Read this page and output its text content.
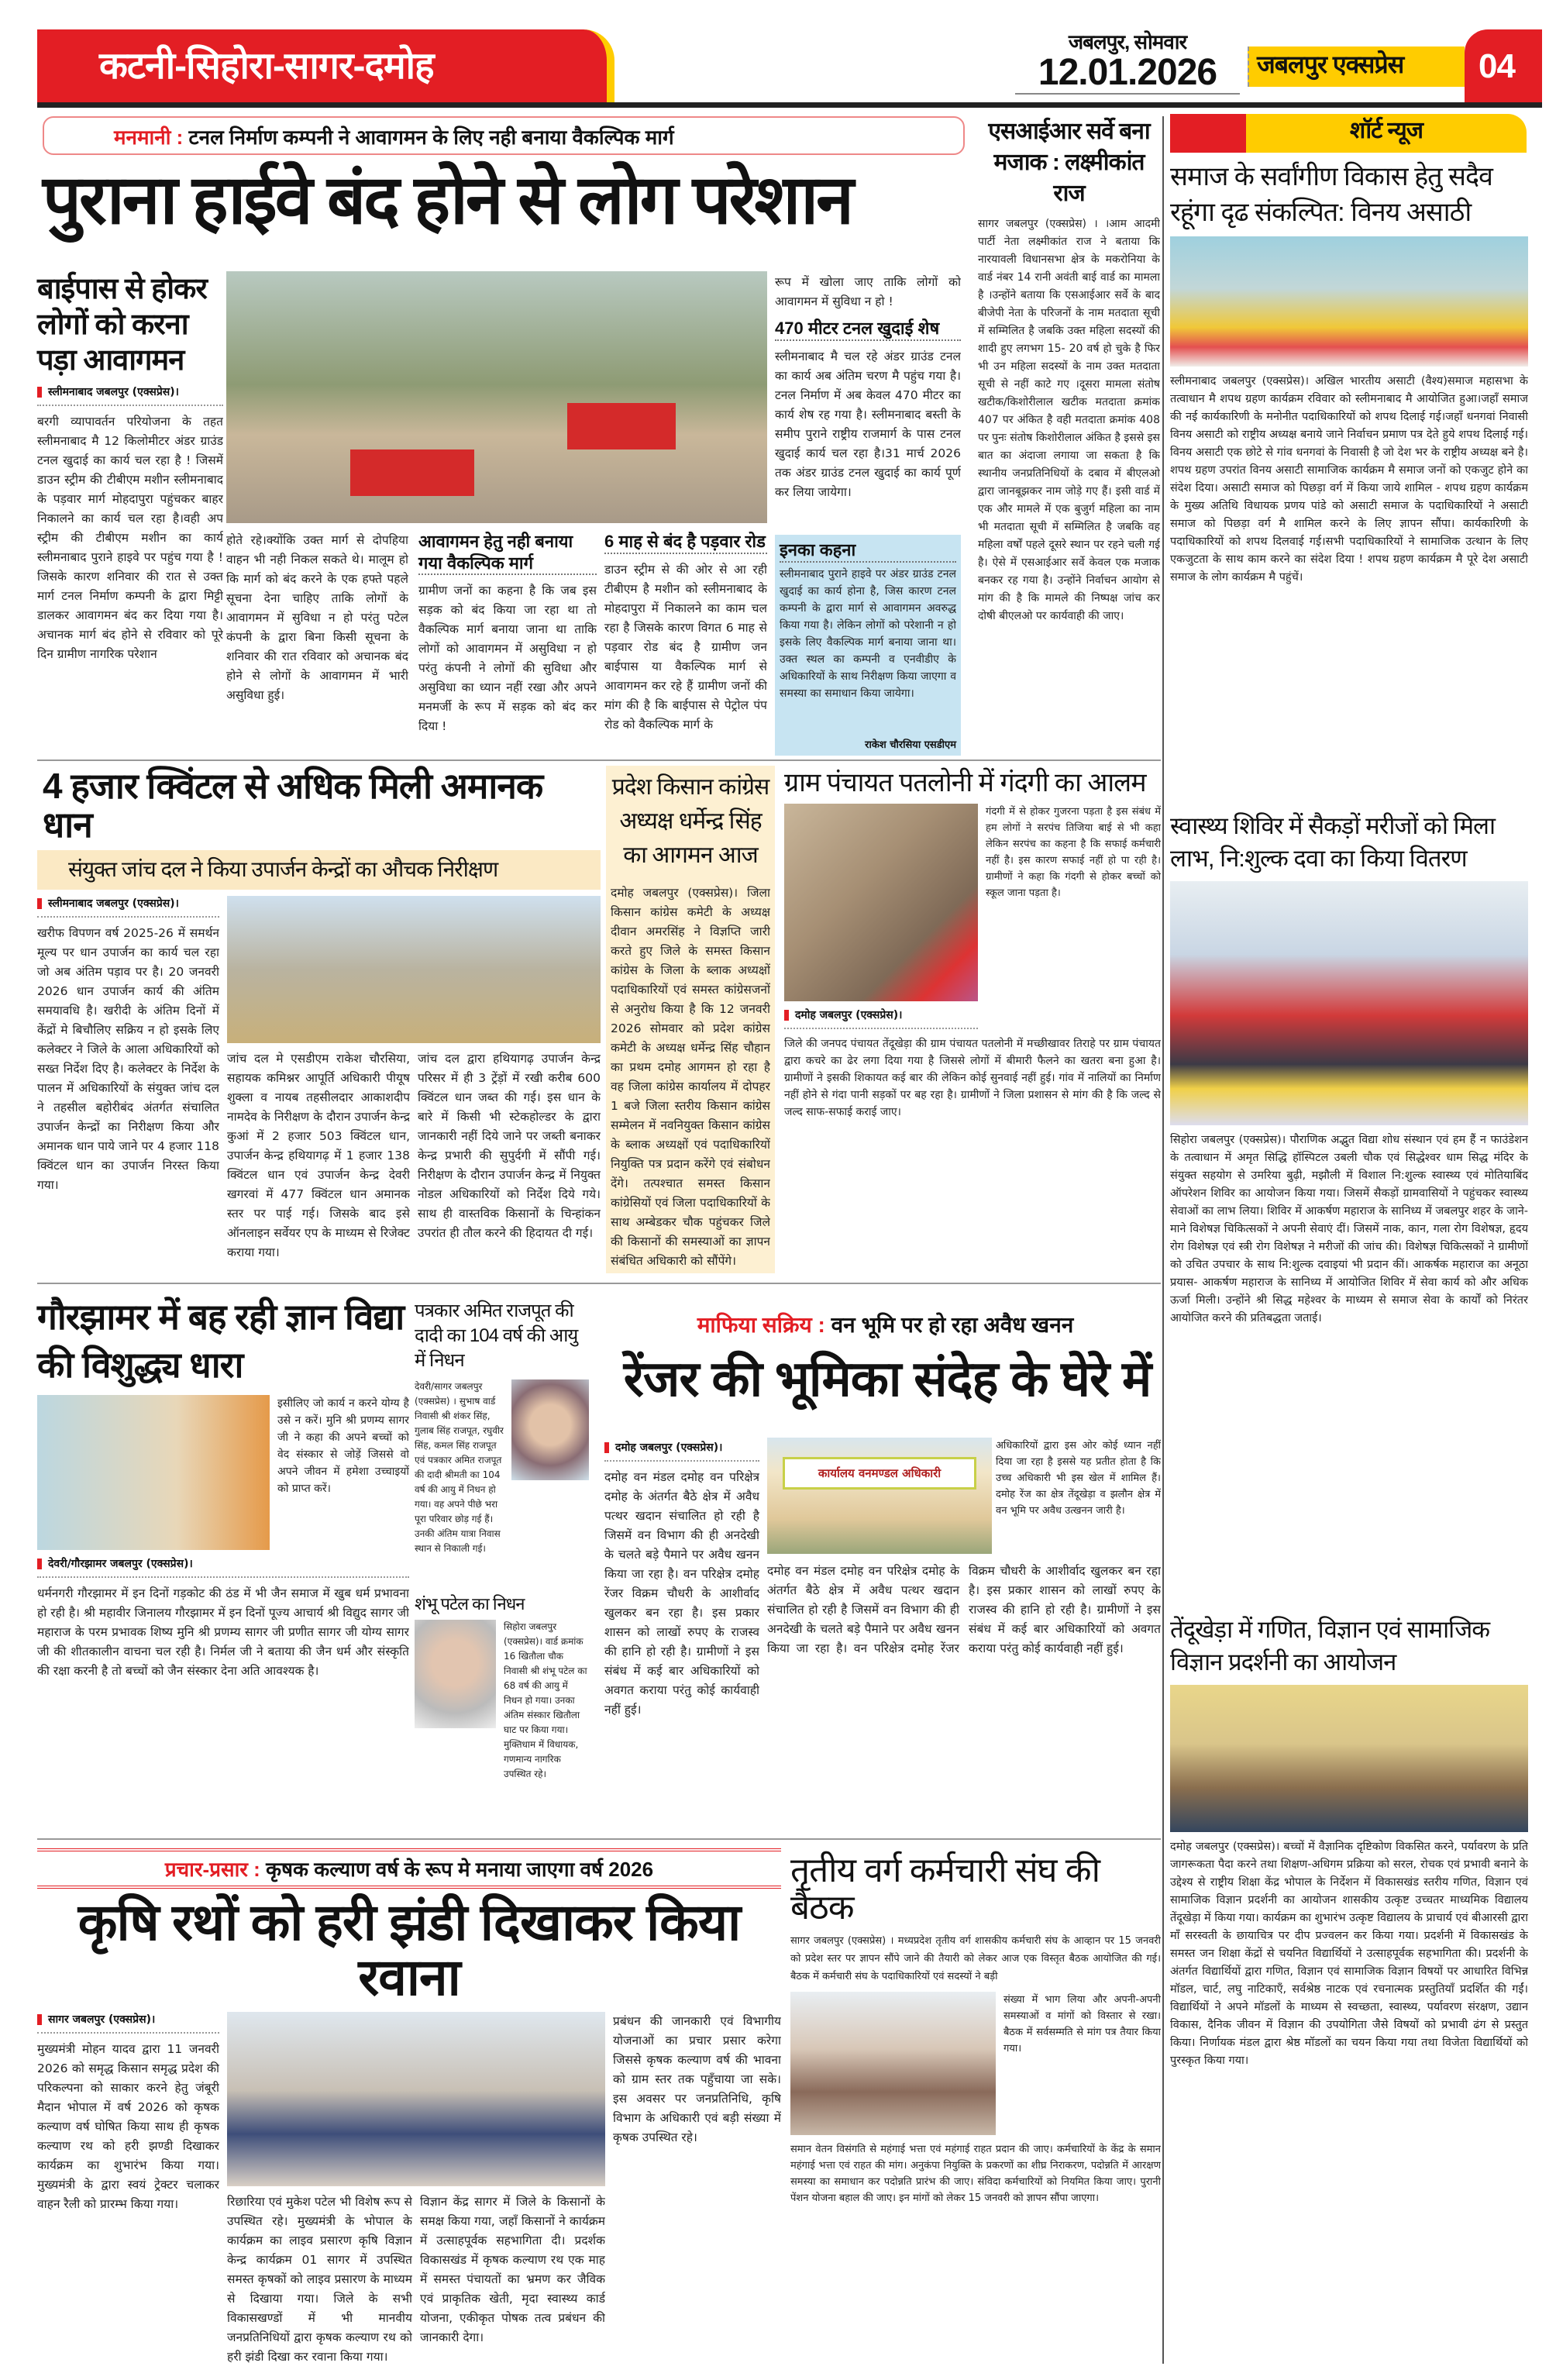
कटनी-सिहोरा-सागर-दमोह
जबलपुर, सोमवार
12.01.2026	जबलपुर एक्सप्रेस	04
मनमानी : टनल निर्माण कम्पनी ने आवागमन के लिए नही बनाया वैकल्पिक मार्ग
पुराना हाईवे बंद होने से लोग परेशान
बाईपास से होकर लोगों को करना पड़ा आवागमन
स्लीमनाबाद जबलपुर (एक्सप्रेस)।
बरगी व्यापावर्तन परियोजना के तहत स्लीमनाबाद मै 12 किलोमीटर अंडर ग्राउंड टनल खुदाई का कार्य चल रहा है ! जिसमें डाउन स्ट्रीम की टीबीएम मशीन स्लीमनाबाद के पड़वार मार्ग मोहदापुरा पहुंचकर बाहर निकालने का कार्य चल रहा है।वही अप स्ट्रीम की टीबीएम मशीन का कार्य स्लीमनाबाद पुराने हाइवे पर पहुंच गया है ! जिसके कारण शनिवार की रात से उक्त मार्ग टनल निर्माण कम्पनी के द्वारा मिट्टी डालकर आवागमन बंद कर दिया गया है। अचानक मार्ग बंद होने से रविवार को पूरे दिन ग्रामीण नागरिक परेशान
होते रहे।क्योंकि उक्त मार्ग से दोपहिया वाहन भी नही निकल सकते थे। मालूम हो कि मार्ग को बंद करने के एक हफ्ते पहले सूचना देना चाहिए ताकि लोगों के आवागमन में सुविधा न हो परंतु पटेल कंपनी के द्वारा बिना किसी सूचना के शनिवार की रात रविवार को अचानक बंद होने से लोगों के आवागमन में भारी असुविधा हुई।
आवागमन हेतु नही बनाया गया वैकल्पिक मार्ग
ग्रामीण जनों का कहना है कि जब इस सड़क को बंद किया जा रहा था तो वैकल्पिक मार्ग बनाया जाना था ताकि लोगों को आवागमन में असुविधा न हो परंतु कंपनी ने लोगों की सुविधा और असुविधा का ध्यान नहीं रखा और अपने मनमर्जी के रूप में सड़क को बंद कर दिया !
6 माह से बंद है पड़वार रोड
डाउन स्ट्रीम से की ओर से आ रही टीबीएम है मशीन को स्लीमनाबाद के मोहदापुरा में निकालने का काम चल रहा है जिसके कारण विगत 6 माह से पड़वार रोड बंद है ग्रामीण जन बाईपास या वैकल्पिक मार्ग से आवागमन कर रहे हैं ग्रामीण जनों की मांग की है कि बाईपास से पेट्रोल पंप रोड को वैकल्पिक मार्ग के
रूप में खोला जाए ताकि लोगों को आवागमन में सुविधा न हो !
470 मीटर टनल खुदाई शेष
स्लीमनाबाद मै चल रहे अंडर ग्राउंड टनल का कार्य अब अंतिम चरण मै पहुंच गया है।टनल निर्माण में अब केवल 470 मीटर का कार्य शेष रह गया है। स्लीमनाबाद बस्ती के समीप पुराने राष्ट्रीय राजमार्ग के पास टनल खुदाई कार्य चल रहा है।31 मार्च 2026 तक अंडर ग्राउंड टनल खुदाई का कार्य पूर्ण कर लिया जायेगा।
इनका कहना
स्लीमनाबाद पुराने हाइवे पर अंडर ग्राउंड टनल खुदाई का कार्य होना है, जिस कारण टनल कम्पनी के द्वारा मार्ग से आवागमन अवरुद्ध किया गया है। लेकिन लोगों को परेशानी न हो इसके लिए वैकल्पिक मार्ग बनाया जाना था। उक्त स्थल का कम्पनी व एनवीडीए के अधिकारियों के साथ निरीक्षण किया जाएगा व समस्या का समाधान किया जायेगा।
राकेश चौरसिया एसडीएम
एसआईआर सर्वे बना मजाक : लक्ष्मीकांत राज
सागर जबलपुर (एक्सप्रेस) । ।आम आदमी पार्टी नेता लक्ष्मीकांत राज ने बताया कि नारयावली विधानसभा क्षेत्र के मकरोनिया के वार्ड नंबर 14 रानी अवंती बाई वार्ड का मामला है ।उन्होंने बताया कि एसआईआर सर्वे के बाद बीजेपी नेता के परिजनों के नाम मतदाता सूची में सम्मिलित है जबकि उक्त महिला सदस्यों की शादी हुए लगभग 15- 20 वर्ष हो चुके है फिर भी उन महिला सदस्यों के नाम उक्त मतदाता सूची से नहीं काटे गए ।दूसरा मामला संतोष खटीक/किशोरीलाल खटीक मतदाता क्रमांक 407 पर अंकित है वही मतदाता क्रमांक 408 पर पुनः संतोष किशोरीलाल अंकित है इससे इस बात का अंदाजा लगाया जा सकता है कि स्थानीय जनप्रतिनिधियों के दबाव में बीएलओ द्वारा जानबूझकर नाम जोड़े गए हैं। इसी वार्ड में एक और मामले में एक बुजुर्ग महिला का नाम भी मतदाता सूची में सम्मिलित है जबकि वह महिला वर्षों पहले दूसरे स्थान पर रहने चली गई है। ऐसे में एसआईआर सर्वे केवल एक मजाक बनकर रह गया है। उन्होंने निर्वाचन आयोग से मांग की है कि मामले की निष्पक्ष जांच कर दोषी बीएलओ पर कार्यवाही की जाए।
4 हजार क्विंटल से अधिक मिली अमानक धान
संयुक्त जांच दल ने किया उपार्जन केन्द्रों का औचक निरीक्षण
स्लीमनाबाद जबलपुर (एक्सप्रेस)।
खरीफ विपणन वर्ष 2025-26 में समर्थन मूल्य पर धान उपार्जन का कार्य चल रहा जो अब अंतिम पड़ाव पर है। 20 जनवरी 2026 धान उपार्जन कार्य की अंतिम समयावधि है। खरीदी के अंतिम दिनों में केंद्रों मे बिचौलिए सक्रिय न हो इसके लिए कलेक्टर ने जिले के आला अधिकारियों को सख्त निर्देश दिए है। कलेक्टर के निर्देश के पालन में अधिकारियों के संयुक्त जांच दल ने तहसील बहोरीबंद अंतर्गत संचालित उपार्जन केन्द्रों का निरीक्षण किया और अमानक धान पाये जाने पर 4 हजार 118 क्विंटल धान का उपार्जन निरस्त किया गया।
जांच दल मे एसडीएम राकेश चौरसिया, सहायक कमिश्नर आपूर्ति अधिकारी पीयूष शुक्ला व नायब तहसीलदार आकाशदीप नामदेव के निरीक्षण के दौरान उपार्जन केन्द्र कुआं में 2 हजार 503 क्विंटल धान, उपार्जन केन्द्र हथियागढ़ में 1 हजार 138 क्विंटल धान एवं उपार्जन केन्द्र देवरी खगरवां में 477 क्विंटल धान अमानक स्तर पर पाई गई। जिसके बाद इसे ऑनलाइन सर्वेयर एप के माध्यम से रिजेक्ट कराया गया।
जांच दल द्वारा हथियागढ़ उपार्जन केन्द्र परिसर में ही 3 ट्रेंड़ों में रखी करीब 600 क्विंटल धान जब्त की गई। इस धान के बारे में किसी भी स्टेकहोल्डर के द्वारा जानकारी नहीं दिये जाने पर जब्ती बनाकर केन्द्र प्रभारी की सुपुर्दगी में सौंपी गई। निरीक्षण के दौरान उपार्जन केन्द्र में नियुक्त नोडल अधिकारियों को निर्देश दिये गये। साथ ही वास्तविक किसानों के चिन्हांकन उपरांत ही तौल करने की हिदायत दी गई।
प्रदेश किसान कांग्रेस अध्यक्ष धर्मेन्द्र सिंह का आगमन आज
दमोह जबलपुर (एक्सप्रेस)। जिला किसान कांग्रेस कमेटी के अध्यक्ष दीवान अमरसिंह ने विज्ञप्ति जारी करते हुए जिले के समस्त किसान कांग्रेस के जिला के ब्लाक अध्यक्षों पदाधिकारियों एवं समस्त कांग्रेसजनों से अनुरोध किया है कि 12 जनवरी 2026 सोमवार को प्रदेश कांग्रेस कमेटी के अध्यक्ष धर्मेन्द्र सिंह चौहान का प्रथम दमोह आगमन हो रहा है वह जिला कांग्रेस कार्यालय में दोपहर 1 बजे जिला स्तरीय किसान कांग्रेस सम्मेलन में नवनियुक्त किसान कांग्रेस के ब्लाक अध्यक्षों एवं पदाधिकारियों नियुक्ति पत्र प्रदान करेंगे एवं संबोधन देंगे। तत्पश्चात समस्त किसान कांग्रेसियों एवं जिला पदाधिकारियों के साथ अम्बेडकर चौक पहुंचकर जिले की किसानों की समस्याओं का ज्ञापन संबंधित अधिकारी को सौंपेंगे।
ग्राम पंचायत पतलोनी में गंदगी का आलम
गंदगी में से होकर गुजरना पड़ता है इस संबंध में हम लोगों ने सरपंच तिजिया बाई से भी कहा लेकिन सरपंच का कहना है कि सफाई कर्मचारी नहीं है। इस कारण सफाई नहीं हो पा रही है। ग्रामीणों ने कहा कि गंदगी से होकर बच्चों को स्कूल जाना पड़ता है।
दमोह जबलपुर (एक्सप्रेस)।
जिले की जनपद पंचायत तेंदूखेड़ा की ग्राम पंचायत पतलोनी में मच्छीखावर तिराहे पर ग्राम पंचायत द्वारा कचरे का ढेर लगा दिया गया है जिससे लोगों में बीमारी फैलने का खतरा बना हुआ है। ग्रामीणों ने इसकी शिकायत कई बार की लेकिन कोई सुनवाई नहीं हुई। गांव में नालियों का निर्माण नहीं होने से गंदा पानी सड़कों पर बह रहा है। ग्रामीणों ने जिला प्रशासन से मांग की है कि जल्द से जल्द साफ-सफाई कराई जाए।
गौरझामर में बह रही ज्ञान विद्या की विशुद्ध्य धारा
इसीलिए जो कार्य न करने योग्य है उसे न करें। मुनि श्री प्रणम्य सागर जी ने कहा की अपने बच्चों को वेद संस्कार से जोड़ें जिससे वो अपने जीवन में हमेशा उच्चाइयों को प्राप्त करें।
देवरी/गौरझामर जबलपुर (एक्सप्रेस)।
धर्मनगरी गौरझामर में इन दिनों गड़कोट की ठंड में भी जैन समाज में खुब धर्म प्रभावना हो रही है। श्री महावीर जिनालय गौरझामर में इन दिनों पूज्य आचार्य श्री विद्युद सागर जी महाराज के परम प्रभावक शिष्य मुनि श्री प्रणम्य सागर जी प्रणीत सागर जी योग्य सागर जी की शीतकालीन वाचना चल रही है। निर्मल जी ने बताया की जैन धर्म और संस्कृति की रक्षा करनी है तो बच्चों को जैन संस्कार देना अति आवश्यक है।
पत्रकार अमित राजपूत की दादी का 104 वर्ष की आयु में निधन
देवरी/सागर जबलपुर (एक्सप्रेस) । सुभाष वार्ड निवासी श्री शंकर सिंह, गुलाब सिंह राजपूत, रघुवीर सिंह, कमल सिंह राजपूत एवं पत्रकार अमित राजपूत की दादी श्रीमती का 104 वर्ष की आयु में निधन हो गया। वह अपने पीछे भरा पूरा परिवार छोड़ गई हैं। उनकी अंतिम यात्रा निवास स्थान से निकाली गई।
शंभू पटेल का निधन
सिहोरा जबलपुर (एक्सप्रेस)। वार्ड क्रमांक 16 खितौला चौक निवासी श्री शंभू पटेल का 68 वर्ष की आयु में निधन हो गया। उनका अंतिम संस्कार खितौला घाट पर किया गया। मुक्तिधाम में विधायक, गणमान्य नागरिक उपस्थित रहे।
माफिया सक्रिय : वन भूमि पर हो रहा अवैध खनन
रेंजर की भूमिका संदेह के घेरे में
दमोह जबलपुर (एक्सप्रेस)।
दमोह वन मंडल दमोह वन परिक्षेत्र दमोह के अंतर्गत बैठे क्षेत्र में अवैध पत्थर खदान संचालित हो रही है जिसमें वन विभाग की ही अनदेखी के चलते बड़े पैमाने पर अवैध खनन किया जा रहा है। वन परिक्षेत्र दमोह रेंजर विक्रम चौधरी के आशीर्वाद खुलकर बन रहा है। इस प्रकार शासन को लाखों रुपए के राजस्व की हानि हो रही है। ग्रामीणों ने इस संबंध में कई बार अधिकारियों को अवगत कराया परंतु कोई कार्यवाही नहीं हुई।
कार्यालय वनमण्डल अधिकारी
अधिकारियों द्वारा इस ओर कोई ध्यान नहीं दिया जा रहा है इससे यह प्रतीत होता है कि उच्च अधिकारी भी इस खेल में शामिल हैं। दमोह रेंज का क्षेत्र तेंदूखेड़ा व झलौन क्षेत्र में वन भूमि पर अवैध उत्खनन जारी है।
दमोह वन मंडल दमोह वन परिक्षेत्र दमोह के अंतर्गत बैठे क्षेत्र में अवैध पत्थर खदान संचालित हो रही है जिसमें वन विभाग की ही अनदेखी के चलते बड़े पैमाने पर अवैध खनन किया जा रहा है। वन परिक्षेत्र दमोह रेंजर विक्रम चौधरी के आशीर्वाद खुलकर बन रहा है। इस प्रकार शासन को लाखों रुपए के राजस्व की हानि हो रही है। ग्रामीणों ने इस संबंध में कई बार अधिकारियों को अवगत कराया परंतु कोई कार्यवाही नहीं हुई।
प्रचार-प्रसार : कृषक कल्याण वर्ष के रूप मे मनाया जाएगा वर्ष 2026
कृषि रथों को हरी झंडी दिखाकर किया रवाना
सागर जबलपुर (एक्सप्रेस)।
मुख्यमंत्री मोहन यादव द्वारा 11 जनवरी 2026 को समृद्ध किसान समृद्ध प्रदेश की परिकल्पना को साकार करने हेतु जंबूरी मैदान भोपाल में वर्ष 2026 को कृषक कल्याण वर्ष घोषित किया साथ ही कृषक कल्याण रथ को हरी झण्डी दिखाकर कार्यक्रम का शुभारंभ किया गया। मुख्यमंत्री के द्वारा स्वयं ट्रेक्टर चलाकर वाहन रैली को प्रारम्भ किया गया।	रिछारिया एवं मुकेश पटेल भी विशेष रूप से उपस्थित रहे। मुख्यमंत्री के भोपाल के कार्यक्रम का लाइव प्रसारण कृषि विज्ञान केन्द्र कार्यक्रम 01 सागर में उपस्थित समस्त कृषकों को लाइव प्रसारण के माध्यम से दिखाया गया। जिले के सभी विकासखण्डों में भी मानवीय जनप्रतिनिधियों द्वारा कृषक कल्याण रथ को हरी झंडी दिखा कर रवाना किया गया।
विज्ञान केंद्र सागर में जिले के किसानों के समक्ष किया गया, जहाँ किसानों ने कार्यक्रम में उत्साहपूर्वक सहभागिता दी। प्रदर्शक विकासखंड में कृषक कल्याण रथ एक माह में समस्त पंचायतों का भ्रमण कर जैविक एवं प्राकृतिक खेती, मृदा स्वास्थ्य कार्ड योजना, एकीकृत पोषक तत्व प्रबंधन की जानकारी देगा।
प्रबंधन की जानकारी एवं विभागीय योजनाओं का प्रचार प्रसार करेगा जिससे कृषक कल्याण वर्ष की भावना को ग्राम स्तर तक पहुँचाया जा सके। इस अवसर पर जनप्रतिनिधि, कृषि विभाग के अधिकारी एवं बड़ी संख्या में कृषक उपस्थित रहे।
तृतीय वर्ग कर्मचारी संघ की बैठक
सागर जबलपुर (एक्सप्रेस) । मध्यप्रदेश तृतीय वर्ग शासकीय कर्मचारी संघ के आव्हान पर 15 जनवरी को प्रदेश स्तर पर ज्ञापन सौंपे जाने की तैयारी को लेकर आज एक विस्तृत बैठक आयोजित की गई। बैठक में कर्मचारी संघ के पदाधिकारियों एवं सदस्यों ने बड़ी
संख्या में भाग लिया और अपनी-अपनी समस्याओं व मांगों को विस्तार से रखा। बैठक में सर्वसम्मति से मांग पत्र तैयार किया गया।
समान वेतन विसंगति से महंगाई भत्ता एवं महंगाई राहत प्रदान की जाए। कर्मचारियों के केंद्र के समान महंगाई भत्ता एवं राहत की मांग। अनुकंपा नियुक्ति के प्रकरणों का शीघ्र निराकरण, पदोन्नति में आरक्षण समस्या का समाधान कर पदोन्नति प्रारंभ की जाए। संविदा कर्मचारियों को नियमित किया जाए। पुरानी पेंशन योजना बहाल की जाए। इन मांगों को लेकर 15 जनवरी को ज्ञापन सौंपा जाएगा।
शॉर्ट न्यूज
समाज के सर्वांगीण विकास हेतु सदैव रहूंगा दृढ संकल्पित: विनय असाठी
स्लीमनाबाद जबलपुर (एक्सप्रेस)। अखिल भारतीय असाटी (वैश्य)समाज महासभा के तत्वाधान मै शपथ ग्रहण कार्यक्रम रविवार को स्लीमनाबाद मै आयोजित हुआ।जहाँ समाज की नई कार्यकारिणी के मनोनीत पदाधिकारियों को शपथ दिलाई गई।जहाँ धनगवां निवासी विनय असाटी को राष्ट्रीय अध्यक्ष बनाये जाने निर्वाचन प्रमाण पत्र देते हुये शपथ दिलाई गई। विनय असाटी एक छोटे से गांव धनगवां के निवासी है जो देश भर के राष्ट्रीय अध्यक्ष बने है। शपथ ग्रहण उपरांत विनय असाटी सामाजिक कार्यक्रम मै समाज जनों को एकजुट होने का संदेश दिया। असाटी समाज को पिछड़ा वर्ग में किया जाये शामिल - शपथ ग्रहण कार्यक्रम के मुख्य अतिथि विधायक प्रणय पांडे को असाटी समाज के पदाधिकारियों ने असाटी समाज को पिछड़ा वर्ग मै शामिल करने के लिए ज्ञापन सौंपा। कार्यकारिणी के पदाधिकारियों को शपथ दिलवाई गई।सभी पदाधिकारियों ने सामाजिक उत्थान के लिए एकजुटता के साथ काम करने का संदेश दिया ! शपथ ग्रहण कार्यक्रम मै पूरे देश असाटी समाज के लोग कार्यक्रम मै पहुंचें।
स्वास्थ्य शिविर में सैकड़ों मरीजों को मिला लाभ, नि:शुल्क दवा का किया वितरण
सिहोरा जबलपुर (एक्सप्रेस)। पौराणिक अद्भुत विद्या शोध संस्थान एवं हम हैं न फाउंडेशन के तत्वाधान में अमृत सिद्धि हॉस्पिटल उबली चौक एवं सिद्धेश्वर धाम सिद्ध मंदिर के संयुक्त सहयोग से उमरिया बुढ़ी, मझौली में विशाल नि:शुल्क स्वास्थ्य एवं मोतियाबिंद ऑपरेशन शिविर का आयोजन किया गया। जिसमें सैकड़ों ग्रामवासियों ने पहुंचकर स्वास्थ्य सेवाओं का लाभ लिया। शिविर में आकर्षण महाराज के सानिध्य में जबलपुर शहर के जाने-माने विशेषज्ञ चिकित्सकों ने अपनी सेवाएं दीं। जिसमें नाक, कान, गला रोग विशेषज्ञ, हृदय रोग विशेषज्ञ एवं स्त्री रोग विशेषज्ञ ने मरीजों की जांच की। विशेषज्ञ चिकित्सकों ने ग्रामीणों को उचित उपचार के साथ नि:शुल्क दवाइयां भी प्रदान कीं। आकर्षक महाराज का अनूठा प्रयास- आकर्षण महाराज के सानिध्य में आयोजित शिविर में सेवा कार्य को और अधिक ऊर्जा मिली। उन्होंने श्री सिद्ध महेश्वर के माध्यम से समाज सेवा के कार्यों को निरंतर आयोजित करने की प्रतिबद्धता जताई।
तेंदूखेड़ा में गणित, विज्ञान एवं सामाजिक विज्ञान प्रदर्शनी का आयोजन
दमोह जबलपुर (एक्सप्रेस)। बच्चों में वैज्ञानिक दृष्टिकोण विकसित करने, पर्यावरण के प्रति जागरूकता पैदा करने तथा शिक्षण-अधिगम प्रक्रिया को सरल, रोचक एवं प्रभावी बनाने के उद्देश्य से राष्ट्रीय शिक्षा केंद्र भोपाल के निर्देशन में विकासखंड स्तरीय गणित, विज्ञान एवं सामाजिक विज्ञान प्रदर्शनी का आयोजन शासकीय उत्कृष्ट उच्चतर माध्यमिक विद्यालय तेंदूखेड़ा में किया गया। कार्यक्रम का शुभारंभ उत्कृष्ट विद्यालय के प्राचार्य एवं बीआरसी द्वारा माँ सरस्वती के छायाचित्र पर दीप प्रज्वलन कर किया गया। प्रदर्शनी में विकासखंड के समस्त जन शिक्षा केंद्रों से चयनित विद्यार्थियों ने उत्साहपूर्वक सहभागिता की। प्रदर्शनी के अंतर्गत विद्यार्थियों द्वारा गणित, विज्ञान एवं सामाजिक विज्ञान विषयों पर आधारित विभिन्न मॉडल, चार्ट, लघु नाटिकाएँ, सर्वश्रेष्ठ नाटक एवं रचनात्मक प्रस्तुतियाँ प्रदर्शित की गईं। विद्यार्थियों ने अपने मॉडलों के माध्यम से स्वच्छता, स्वास्थ्य, पर्यावरण संरक्षण, उद्यान विकास, दैनिक जीवन में विज्ञान की उपयोगिता जैसे विषयों को प्रभावी ढंग से प्रस्तुत किया। निर्णायक मंडल द्वारा श्रेष्ठ मॉडलों का चयन किया गया तथा विजेता विद्यार्थियों को पुरस्कृत किया गया।
